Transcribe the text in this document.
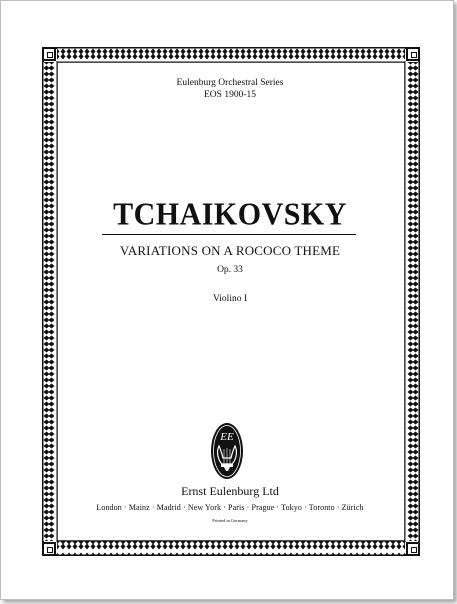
Eulenburg Orchestral Series
EOS 1900-15
TCHAIKOVSKY
VARIATIONS ON A ROCOCO THEME
Op. 33
Violino I
EE
Ernst Eulenburg Ltd
London · Mainz · Madrid · New York · Paris · Prague · Tokyo · Toronto · Zürich
Printed in Germany
